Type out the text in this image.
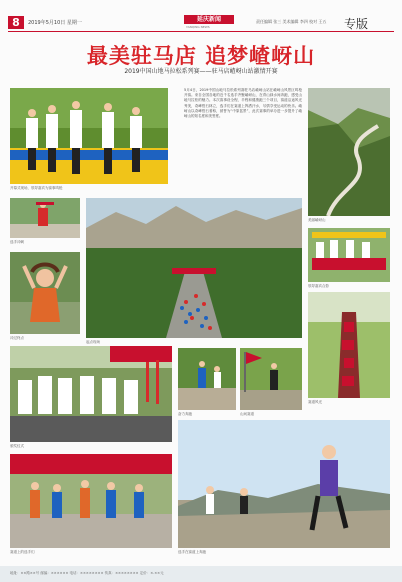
8	2019年5月10日 星期一	延庆新闻
YANQING NEWS
责任编辑 张三 美术编辑 李四 校对 王五	专版
最美驻马店 追梦嵖岈山
2019中国山地马拉松系列赛——驻马店嵖岈山站激情开赛
开幕式现场，领导嘉宾为赛事鸣枪
美丽嵖岈山
5月4日，2019中国山地马拉松系列赛驻马店嵖岈山站在嵖岈山风景区鸣枪开赛。来自全国各地的近千名选手齐聚嵖岈山，在青山绿水间奔跑，感受山地马拉松的魅力。本次赛事设全程、半程和健康跑三个项目，赛道沿途风光秀美，奇峰怪石林立，选手们在赛道上挥洒汗水，尽情享受运动的快乐。嵖岈山以奇峰怪石著称，被誉为“中原盆景”，此次赛事的举办进一步提升了嵖岈山的知名度和美誉度。
选手冲刺
冲过终点
起点现场
领导嘉宾合影
赛道风光
颁奖仪式
奋力奔跑	山间赛道
赛道上的选手们	选手在赛道上奔跑
地址：××路××号 邮编：×××××× 电话：×××××××× 传真：×××××××× 定价：×.××元
